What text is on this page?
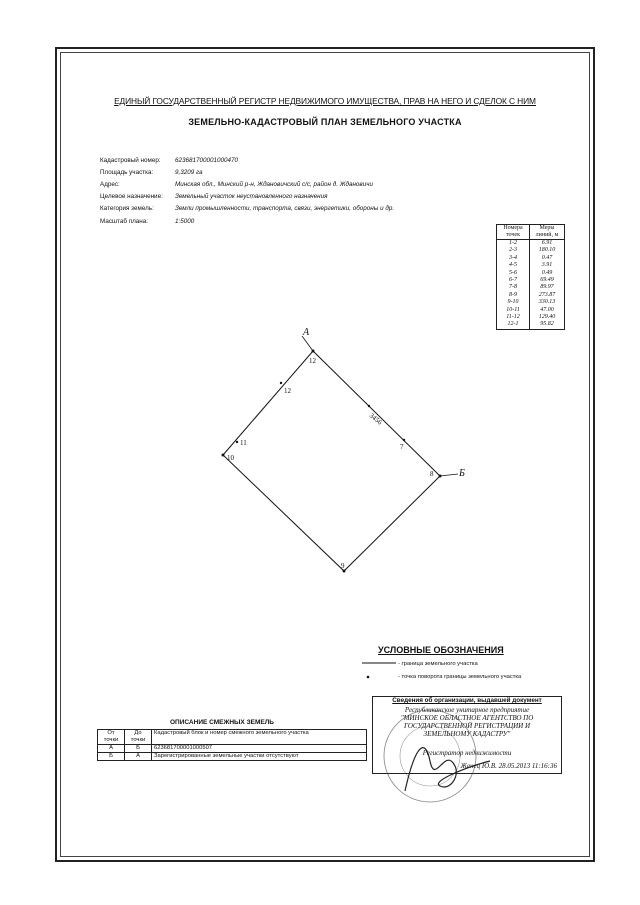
ЕДИНЫЙ ГОСУДАРСТВЕННЫЙ РЕГИСТР НЕДВИЖИМОГО ИМУЩЕСТВА, ПРАВ НА НЕГО И СДЕЛОК С НИМ
ЗЕМЕЛЬНО-КАДАСТРОВЫЙ ПЛАН ЗЕМЕЛЬНОГО УЧАСТКА
Кадастровый номер: 623681700001000470
Площадь участка:	9,3209 га
Адрес:	Минская обл., Минский р-н, Ждановичский с/с, район д. Ждановичи
Целевое назначение: Земельный участок неустановленного назначения
Категория земель:	Земли промышленности, транспорта, связи, энергетики, обороны и др.
Масштаб плана:	1:5000
Номера точек	Меры линий, м
1-2	6.91
2-3	180.10
3-4	0.47
4-5	3.91
5-6	0.49
6-7	69.49
7-8	89.97
8-9	273.87
9-10	330.13
10-11	47.00
11-12	129.40
12-1	95.82
А
Б
12
12
11
10
3456
7
8
9
УСЛОВНЫЕ ОБОЗНАЧЕНИЯ
- граница земельного участка
- точка поворота границы земельного участка
Сведения об организации, выдавшей документ
Республиканское унитарное предприятие
"МИНСКОЕ ОБЛАСТНОЕ АГЕНТСТВО ПО
ГОСУДАРСТВЕННОЙ РЕГИСТРАЦИИ И
ЗЕМЕЛЬНОМУ КАДАСТРУ"
Регистратор недвижимости
Женец Ю.В. 28.05.2013 11:16:36
ОПИСАНИЕ СМЕЖНЫХ ЗЕМЕЛЬ
От точки	До точки	Кадастровый блок и номер смежного земельного участка
А	Б	623681700001000507
Б	А	Зарегистрированные земельные участки отсутствуют
